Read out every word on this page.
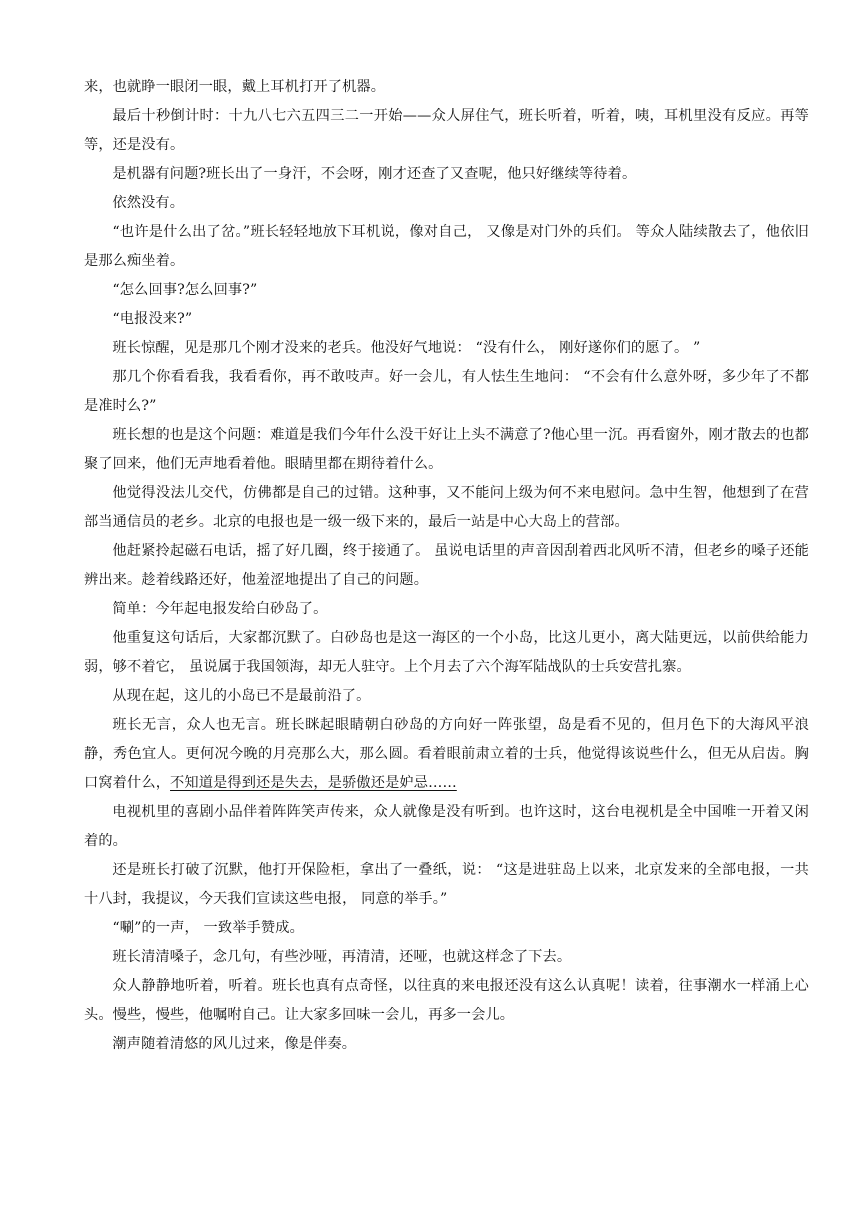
来，也就睁一眼闭一眼，戴上耳机打开了机器。

最后十秒倒计时：十九八七六五四三二一开始——众人屏住气，班长听着，听着，咦，耳机里没有反应。再等等，还是没有。

是机器有问题?班长出了一身汗，不会呀，刚才还查了又查呢，他只好继续等待着。

依然没有。

“也许是什么出了岔。”班长轻轻地放下耳机说，像对自己， 又像是对门外的兵们。 等众人陆续散去了，他依旧是那么痴坐着。

“怎么回事?怎么回事?”

“电报没来?”

班长惊醒，见是那几个刚才没来的老兵。他没好气地说： “没有什么， 刚好遂你们的愿了。 ”

那几个你看看我，我看看你，再不敢吱声。好一会儿，有人怯生生地问： “不会有什么意外呀，多少年了不都是准时么?”

班长想的也是这个问题：难道是我们今年什么没干好让上头不满意了?他心里一沉。再看窗外，刚才散去的也都聚了回来，他们无声地看着他。眼睛里都在期待着什么。

他觉得没法儿交代，仿佛都是自己的过错。这种事，又不能问上级为何不来电慰问。急中生智，他想到了在营部当通信员的老乡。北京的电报也是一级一级下来的，最后一站是中心大岛上的营部。

他赶紧拎起磁石电话，摇了好几圈，终于接通了。 虽说电话里的声音因刮着西北风听不清，但老乡的嗓子还能辨出来。趁着线路还好，他羞涩地提出了自己的问题。

简单：今年起电报发给白砂岛了。

他重复这句话后，大家都沉默了。白砂岛也是这一海区的一个小岛，比这儿更小，离大陆更远，以前供给能力弱，够不着它， 虽说属于我国领海，却无人驻守。上个月去了六个海军陆战队的士兵安营扎寨。

从现在起，这儿的小岛已不是最前沿了。

班长无言，众人也无言。班长眯起眼睛朝白砂岛的方向好一阵张望，岛是看不见的，但月色下的大海风平浪静，秀色宜人。更何况今晚的月亮那么大，那么圆。看着眼前肃立着的士兵，他觉得该说些什么，但无从启齿。胸口窝着什么，不知道是得到还是失去，是骄傲还是妒忌……

电视机里的喜剧小品伴着阵阵笑声传来，众人就像是没有听到。也许这时，这台电视机是全中国唯一开着又闲着的。

还是班长打破了沉默，他打开保险柜，拿出了一叠纸，说： “这是进驻岛上以来，北京发来的全部电报，一共十八封，我提议，今天我们宣读这些电报， 同意的举手。”

“唰”的一声， 一致举手赞成。

班长清清嗓子，念几句，有些沙哑，再清清，还哑，也就这样念了下去。

众人静静地听着，听着。班长也真有点奇怪，以往真的来电报还没有这么认真呢！读着，往事潮水一样涌上心头。慢些，慢些，他嘱咐自己。让大家多回味一会儿，再多一会儿。

潮声随着清悠的风儿过来，像是伴奏。
